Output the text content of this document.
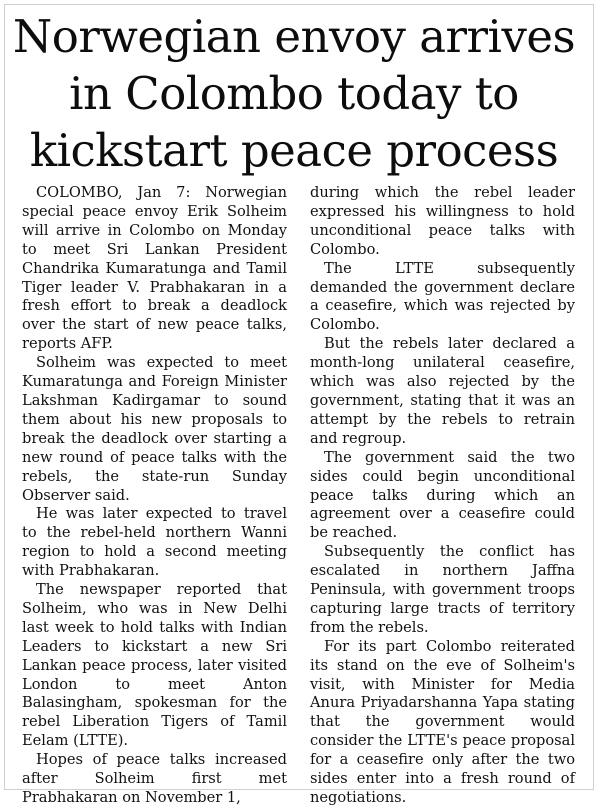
Norwegian envoy arrives
in Colombo today to
kickstart peace process

COLOMBO, Jan 7: Norwegian special peace envoy Erik Solheim will arrive in Colombo on Monday to meet Sri Lankan President Chandrika Kumaratunga and Tamil Tiger leader V. Prabhakaran in a fresh effort to break a deadlock over the start of new peace talks, reports AFP.

Solheim was expected to meet Kumaratunga and Foreign Minister Lakshman Kadirgamar to sound them about his new proposals to break the deadlock over starting a new round of peace talks with the rebels, the state-run Sunday Observer said.

He was later expected to travel to the rebel-held northern Wanni region to hold a second meeting with Prabhakaran.

The newspaper reported that Solheim, who was in New Delhi last week to hold talks with Indian Leaders to kickstart a new Sri Lankan peace process, later visited London to meet Anton Balasingham, spokesman for the rebel Liberation Tigers of Tamil Eelam (LTTE).

Hopes of peace talks increased after Solheim first met Prabhakaran on November 1,

during which the rebel leader expressed his willingness to hold unconditional peace talks with Colombo.

The LTTE subsequently demanded the government declare a ceasefire, which was rejected by Colombo.

But the rebels later declared a month-long unilateral ceasefire, which was also rejected by the government, stating that it was an attempt by the rebels to retrain and regroup.

The government said the two sides could begin unconditional peace talks during which an agreement over a ceasefire could be reached.

Subsequently the conflict has escalated in northern Jaffna Peninsula, with government troops capturing large tracts of territory from the rebels.

For its part Colombo reiterated its stand on the eve of Solheim's visit, with Minister for Media Anura Priyadarshanna Yapa stating that the government would consider the LTTE's peace proposal for a ceasefire only after the two sides enter into a fresh round of negotiations.
